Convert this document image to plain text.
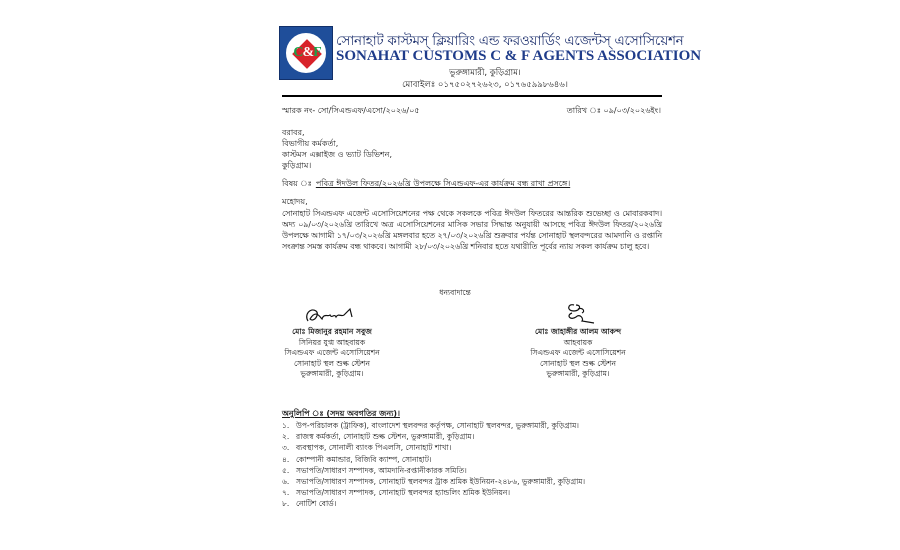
C&F
সোনাহাট কাস্টমস্ ক্লিয়ারিং এন্ড ফরওয়ার্ডিং এজেন্টস্ এসোসিয়েশন
SONAHAT CUSTOMS C & F AGENTS ASSOCIATION
ভুরুঙ্গামারী, কুড়িগ্রাম।
মোবাইলঃ ০১৭৫০২৭২৬২৩, ০১৭৬৫৯৯৮৬৪৬।
স্মারক নং- সো/সিএন্ডএফ/এসো/২০২৬/০৫	তারিখ ঃ ০৯/০৩/২০২৬ইং।
বরাবর,
বিভাগীয় কর্মকর্তা,
কাস্টমস এক্সাইজ ও ভ্যাট ডিভিশন,
কুড়িগ্রাম।
বিষয় ঃ পবিত্র ঈদউল ফিতর/২০২৬খ্রি উপলক্ষে সিএন্ডএফ-এর কার্যক্রম বন্ধ রাখা প্রসঙ্গে।
মহোদয়,
সোনাহাট সিএন্ডএফ এজেন্ট এসোসিয়েশনের পক্ষ থেকে সকলকে পবিত্র ঈদউল ফিতরের আন্তরিক শুভেচ্ছা ও মোবারকবাদ। অদ্য ০৯/০৩/২০২৬খ্রি তারিখে অত্র এসোসিয়েশনের মাসিক সভার সিদ্ধান্ত অনুযায়ী আসছে পবিত্র ঈদউল ফিতর/২০২৬খ্রি উপলক্ষে আগামী ১৭/০৩/২০২৬খ্রি মঙ্গলবার হতে ২৭/০৩/২০২৬খ্রি শুক্রবার পর্যন্ত সোনাহাট স্থলবন্দরের আমদানি ও রপ্তানি সংক্রান্ত সমস্ত কার্যক্রম বন্ধ থাকবে। আগামী ২৮/০৩/২০২৬খ্রি শনিবার হতে যথারীতি পূর্বের ন্যায় সকল কার্যক্রম চালু হবে।
ধন্যবাদান্তে
মোঃ মিজানুর রহমান সবুজ
সিনিয়র যুগ্ম আহবায়ক
সিএন্ডএফ এজেন্ট এসোসিয়েশন
সোনাহাট স্থল শুল্ক স্টেশন
ভুরুঙ্গামারী, কুড়িগ্রাম।
মোঃ জাহাঙ্গীর আলম আকন্দ
আহবায়ক
সিএন্ডএফ এজেন্ট এসোসিয়েশন
সোনাহাট স্থল শুল্ক স্টেশন
ভুরুঙ্গামারী, কুড়িগ্রাম।
অনুলিপি ঃ (সদয় অবগতির জন্য)।
১. উপ-পরিচালক (ট্রাফিক), বাংলাদেশ স্থলবন্দর কর্তৃপক্ষ, সোনাহাট স্থলবন্দর, ভুরুঙ্গামারী, কুড়িগ্রাম।
২. রাজস্ব কর্মকর্তা, সোনাহাট শুল্ক স্টেশন, ভুরুঙ্গামারী, কুড়িগ্রাম।
৩. ব্যবস্থাপক, সোনালী ব্যাংক পিএলসি, সোনাহাট শাখা।
৪. কোম্পানী কমান্ডার, বিজিবি ক্যাম্প, সোনাহাট।
৫. সভাপতি/সাধারণ সম্পাদক, আমদানি-রপ্তানীকারক সমিতি।
৬. সভাপতি/সাধারণ সম্পাদক, সোনাহাট স্থলবন্দর ট্রাক শ্রমিক ইউনিয়ন-২৪৮৬, ভুরুঙ্গামারী, কুড়িগ্রাম।
৭. সভাপতি/সাধারণ সম্পাদক, সোনাহাট স্থলবন্দর হ্যান্ডলিং শ্রমিক ইউনিয়ন।
৮. নোটিশ বোর্ড।
